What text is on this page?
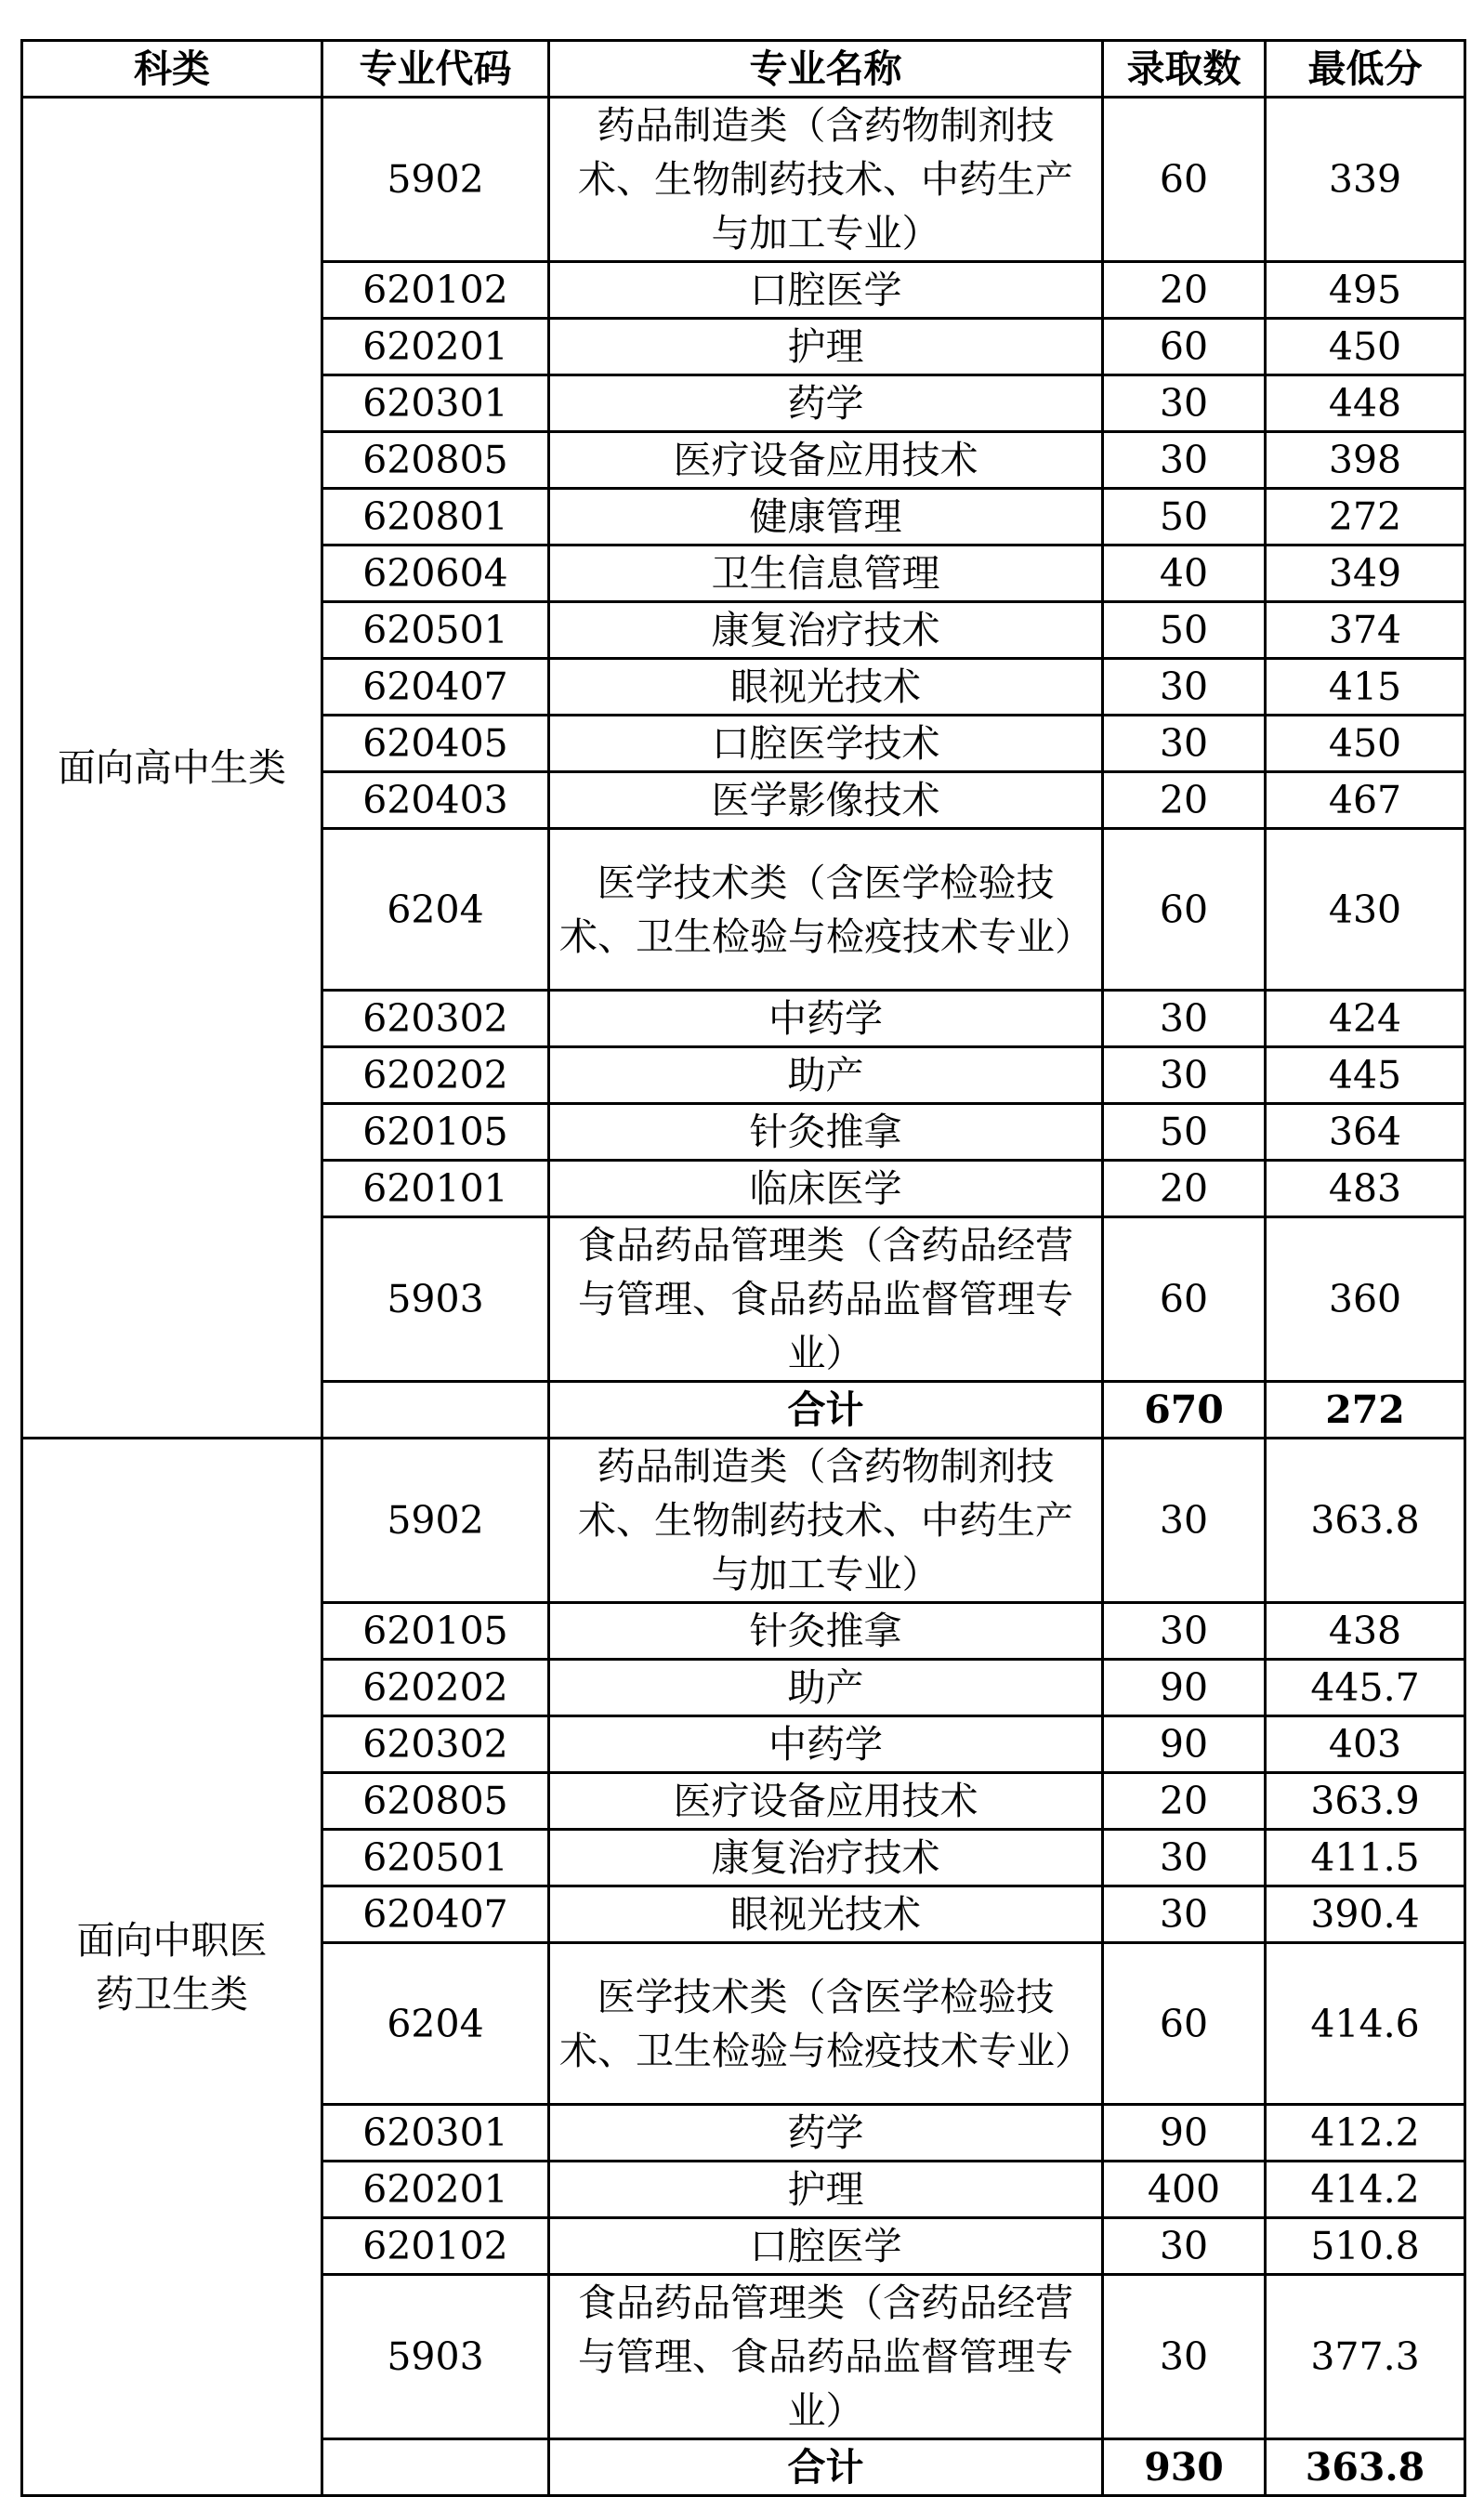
科类	专业代码	专业名称	录取数	最低分
面向高中生类	5902	药品制造类（含药物制剂技术、生物制药技术、中药生产与加工专业）	60	339
	620102	口腔医学	20	495
	620201	护理	60	450
	620301	药学	30	448
	620805	医疗设备应用技术	30	398
	620801	健康管理	50	272
	620604	卫生信息管理	40	349
	620501	康复治疗技术	50	374
	620407	眼视光技术	30	415
	620405	口腔医学技术	30	450
	620403	医学影像技术	20	467
	6204	医学技术类（含医学检验技术、卫生检验与检疫技术专业）	60	430
	620302	中药学	30	424
	620202	助产	30	445
	620105	针灸推拿	50	364
	620101	临床医学	20	483
	5903	食品药品管理类（含药品经营与管理、食品药品监督管理专业）	60	360
		合计	670	272
面向中职医药卫生类	5902	药品制造类（含药物制剂技术、生物制药技术、中药生产与加工专业）	30	363.8
	620105	针灸推拿	30	438
	620202	助产	90	445.7
	620302	中药学	90	403
	620805	医疗设备应用技术	20	363.9
	620501	康复治疗技术	30	411.5
	620407	眼视光技术	30	390.4
	6204	医学技术类（含医学检验技术、卫生检验与检疫技术专业）	60	414.6
	620301	药学	90	412.2
	620201	护理	400	414.2
	620102	口腔医学	30	510.8
	5903	食品药品管理类（含药品经营与管理、食品药品监督管理专业）	30	377.3
		合计	930	363.8
